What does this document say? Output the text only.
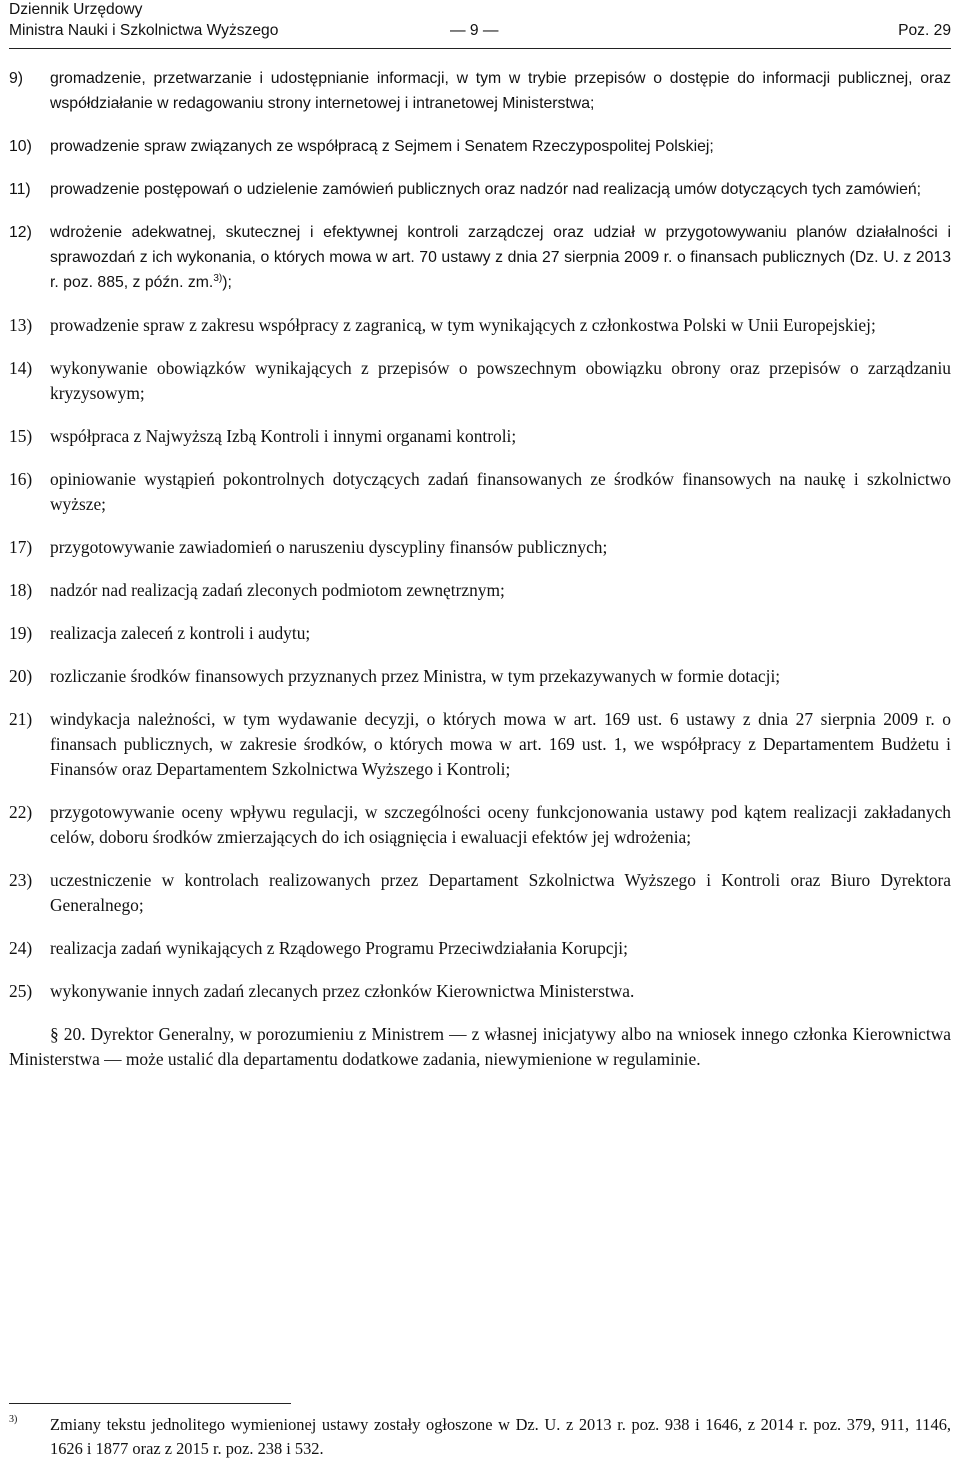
Dziennik Urzędowy
Ministra Nauki i Szkolnictwa Wyższego	— 9 —	Poz. 29
9)	gromadzenie, przetwarzanie i udostępnianie informacji, w tym w trybie przepisów o dostępie do informacji publicznej, oraz współdziałanie w redagowaniu strony internetowej i intranetowej Ministerstwa;
10)	prowadzenie spraw związanych ze współpracą z Sejmem i Senatem Rzeczypospolitej Polskiej;
11)	prowadzenie postępowań o udzielenie zamówień publicznych oraz nadzór nad realizacją umów dotyczących tych zamówień;
12)	wdrożenie adekwatnej, skutecznej i efektywnej kontroli zarządczej oraz udział w przygotowywaniu planów działalności i sprawozdań z ich wykonania, o których mowa w art. 70 ustawy z dnia 27 sierpnia 2009 r. o finansach publicznych (Dz. U. z 2013 r. poz. 885, z późn. zm.$^{3)}$);
13)	prowadzenie spraw z zakresu współpracy z zagranicą, w tym wynikających z członkostwa Polski w Unii Europejskiej;
14)	wykonywanie obowiązków wynikających z przepisów o powszechnym obowiązku obrony oraz przepisów o zarządzaniu kryzysowym;
15)	współpraca z Najwyższą Izbą Kontroli i innymi organami kontroli;
16)	opiniowanie wystąpień pokontrolnych dotyczących zadań finansowanych ze środków finansowych na naukę i szkolnictwo wyższe;
17)	przygotowywanie zawiadomień o naruszeniu dyscypliny finansów publicznych;
18)	nadzór nad realizacją zadań zleconych podmiotom zewnętrznym;
19)	realizacja zaleceń z kontroli i audytu;
20)	rozliczanie środków finansowych przyznanych przez Ministra, w tym przekazywanych w formie dotacji;
21)	windykacja należności, w tym wydawanie decyzji, o których mowa w art. 169 ust. 6 ustawy z dnia 27 sierpnia 2009 r. o finansach publicznych, w zakresie środków, o których mowa w art. 169 ust. 1, we współpracy z Departamentem Budżetu i Finansów oraz Departamentem Szkolnictwa Wyższego i Kontroli;
22)	przygotowywanie oceny wpływu regulacji, w szczególności oceny funkcjonowania ustawy pod kątem realizacji zakładanych celów, doboru środków zmierzających do ich osiągnięcia i ewaluacji efektów jej wdrożenia;
23)	uczestniczenie w kontrolach realizowanych przez Departament Szkolnictwa Wyższego i Kontroli oraz Biuro Dyrektora Generalnego;
24)	realizacja zadań wynikających z Rządowego Programu Przeciwdziałania Korupcji;
25)	wykonywanie innych zadań zlecanych przez członków Kierownictwa Ministerstwa.
§ 20. Dyrektor Generalny, w porozumieniu z Ministrem — z własnej inicjatywy albo na wniosek innego członka Kierownictwa Ministerstwa — może ustalić dla departamentu dodatkowe zadania, niewymienione w regulaminie.
3)	Zmiany tekstu jednolitego wymienionej ustawy zostały ogłoszone w Dz. U. z 2013 r. poz. 938 i 1646, z 2014 r. poz. 379, 911, 1146, 1626 i 1877 oraz z 2015 r. poz. 238 i 532.
